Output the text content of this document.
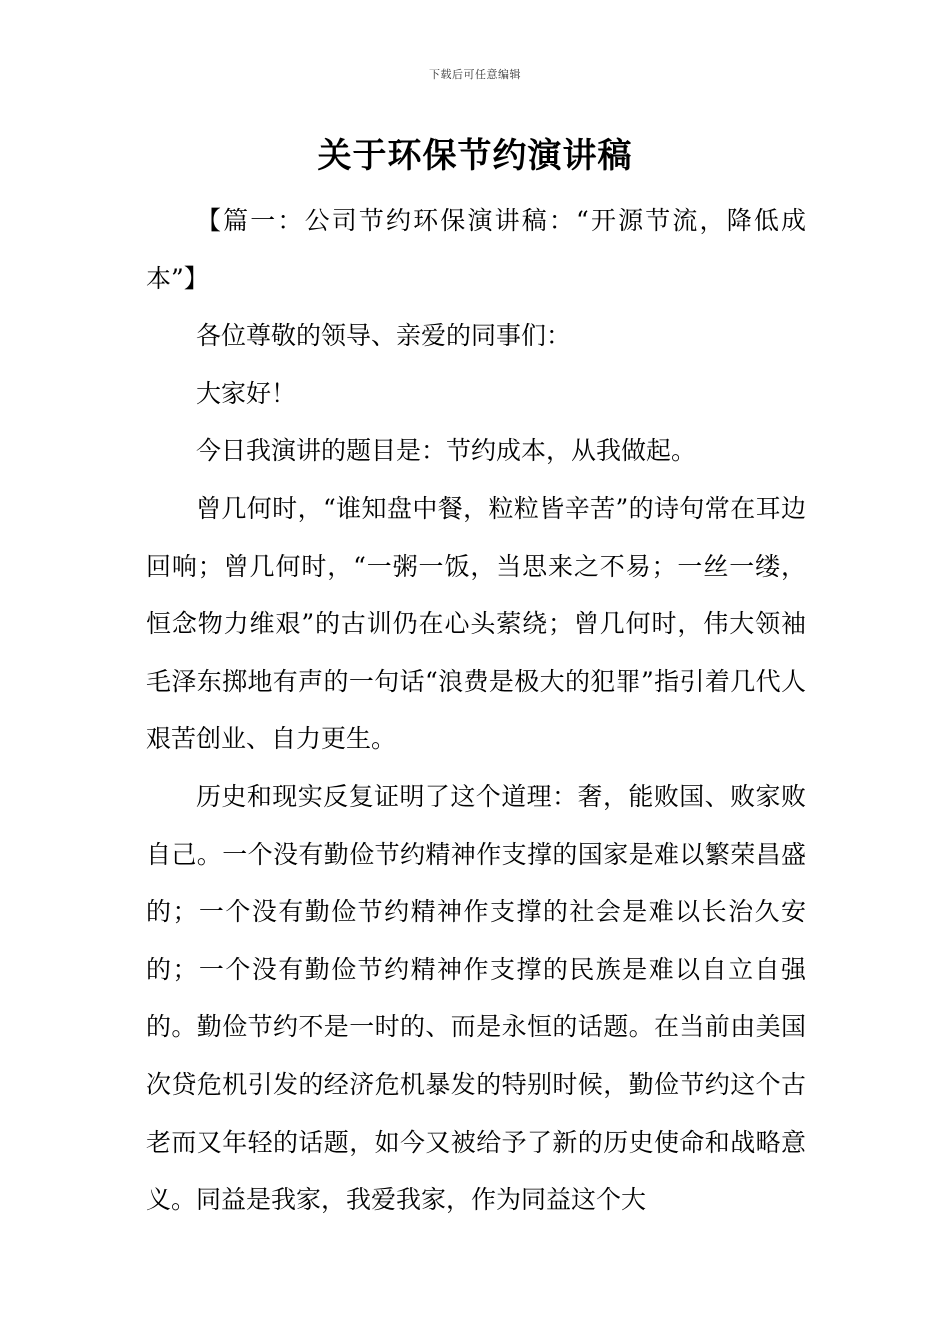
下载后可任意编辑
关于环保节约演讲稿

【篇一：公司节约环保演讲稿：“开源节流，降低成本”】

各位尊敬的领导、亲爱的同事们：

大家好！

今日我演讲的题目是：节约成本，从我做起。

曾几何时，“谁知盘中餐，粒粒皆辛苦”的诗句常在耳边回响；曾几何时，“一粥一饭，当思来之不易；一丝一缕，恒念物力维艰”的古训仍在心头萦绕；曾几何时，伟大领袖毛泽东掷地有声的一句话“浪费是极大的犯罪”指引着几代人艰苦创业、自力更生。

历史和现实反复证明了这个道理：奢，能败国、败家败自己。一个没有勤俭节约精神作支撑的国家是难以繁荣昌盛的；一个没有勤俭节约精神作支撑的社会是难以长治久安的；一个没有勤俭节约精神作支撑的民族是难以自立自强的。勤俭节约不是一时的、而是永恒的话题。在当前由美国次贷危机引发的经济危机暴发的特别时候，勤俭节约这个古老而又年轻的话题，如今又被给予了新的历史使命和战略意义。同益是我家，我爱我家，作为同益这个大
